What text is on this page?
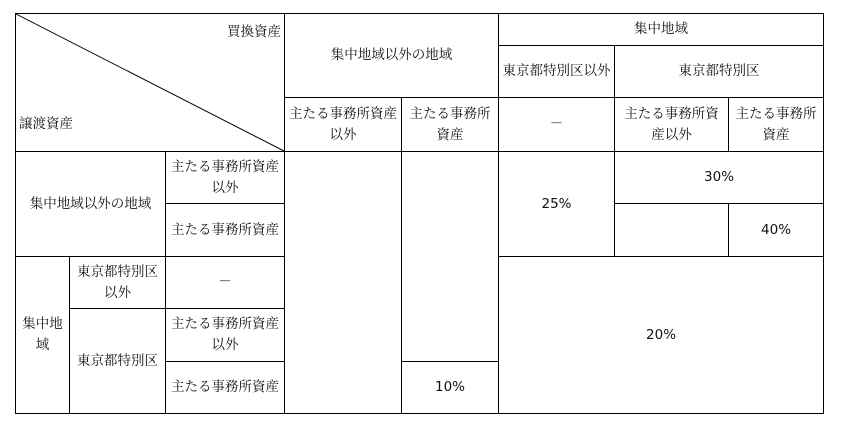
買換資産
譲渡資産			集中地域以外の地域		集中地域		
					東京都特別区以外	東京都特別区	
			主たる事務所資産以外	主たる事務所資産	－	主たる事務所資産以外	主たる事務所資産
集中地域以外の地域		主たる事務所資産以外			25%	30%	
		主たる事務所資産					40%
集中地域	東京都特別区以外	－			20%		
	東京都特別区	主たる事務所資産以外					
		主たる事務所資産		10%			
